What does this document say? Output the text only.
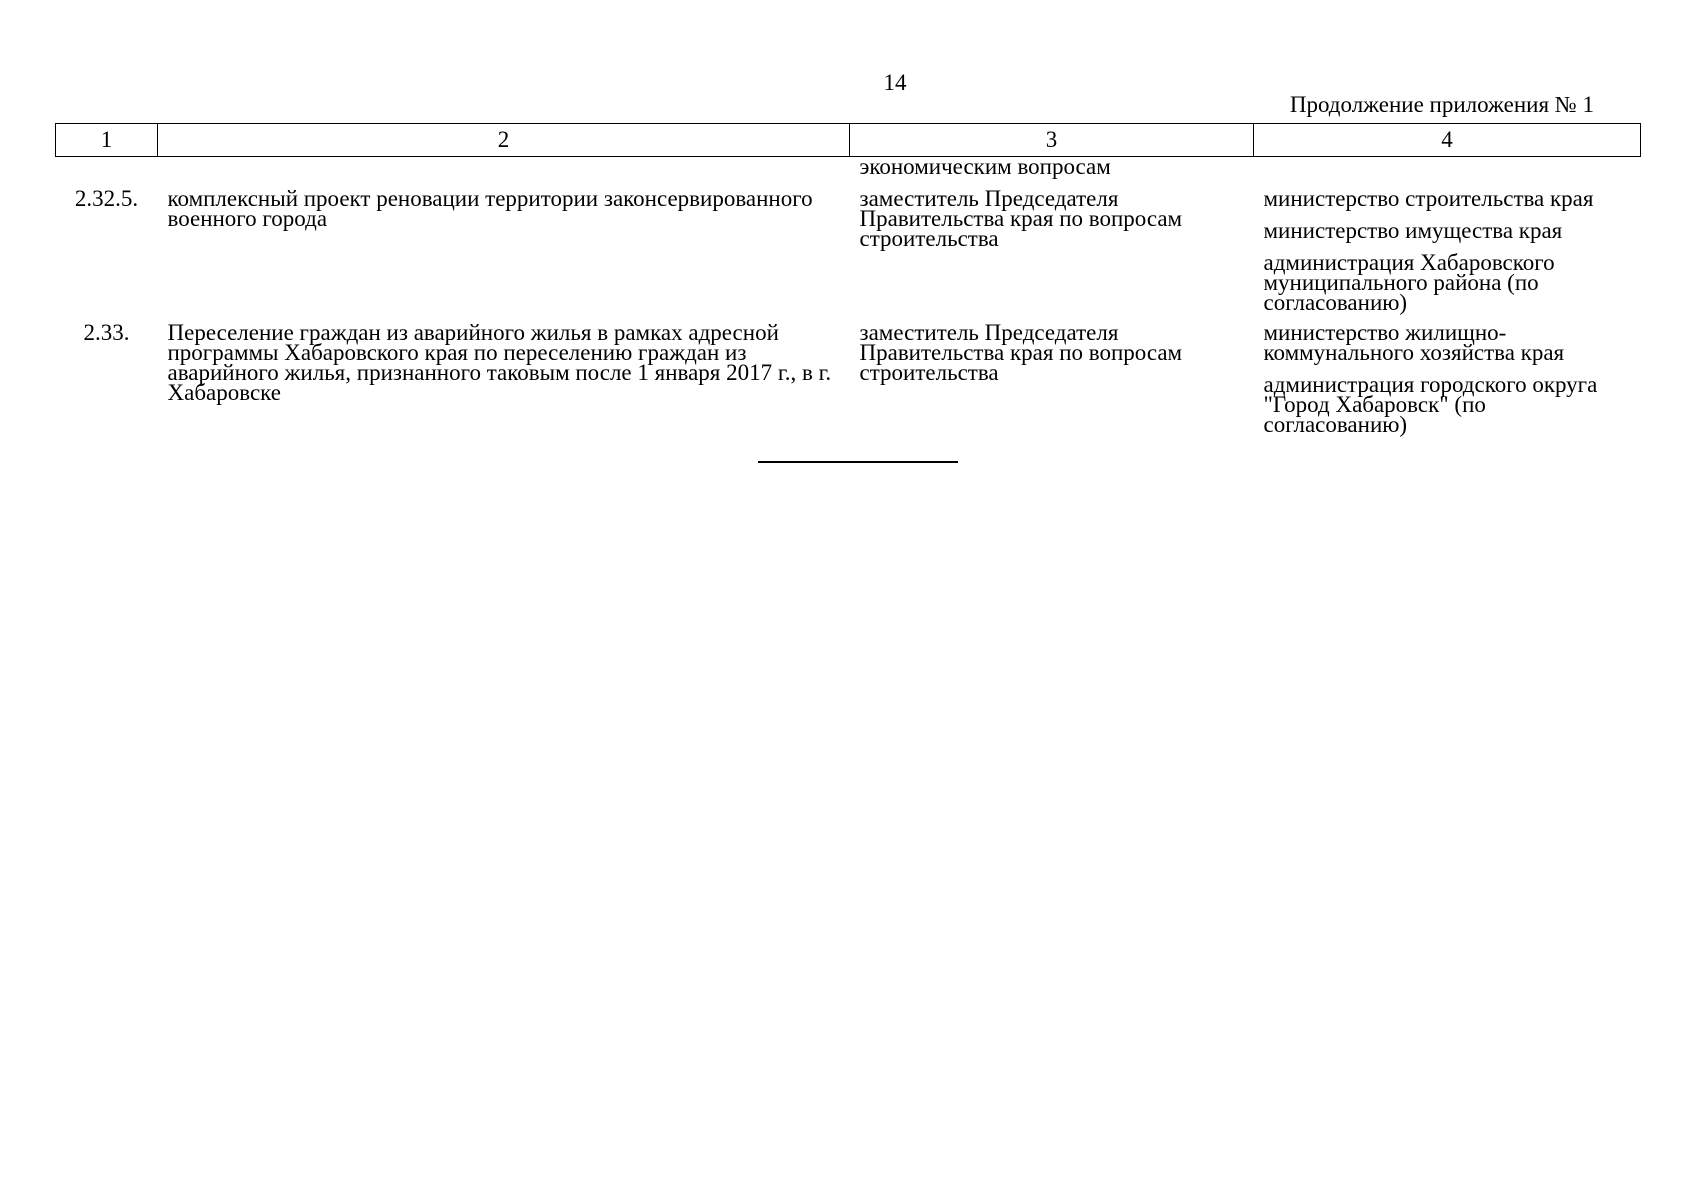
14
Продолжение приложения № 1
1	2	3	4
		экономическим вопросам	
2.32.5.	комплексный проект реновации территории законсервированного военного города	заместитель Председателя Правительства края по вопросам строительства	министерство строительства края

министерство имущества края

администрация Хабаровского муниципального района (по согласованию)

2.33.	Переселение граждан из аварийного жилья в рамках адресной программы Хабаровского края по переселению граждан из аварийного жилья, признанного таковым после 1 января 2017 г., в г. Хабаровске	заместитель Председателя Правительства края по вопросам строительства	министерство жилищно-коммунального хозяйства края

администрация городского округа "Город Хабаровск" (по согласованию)
